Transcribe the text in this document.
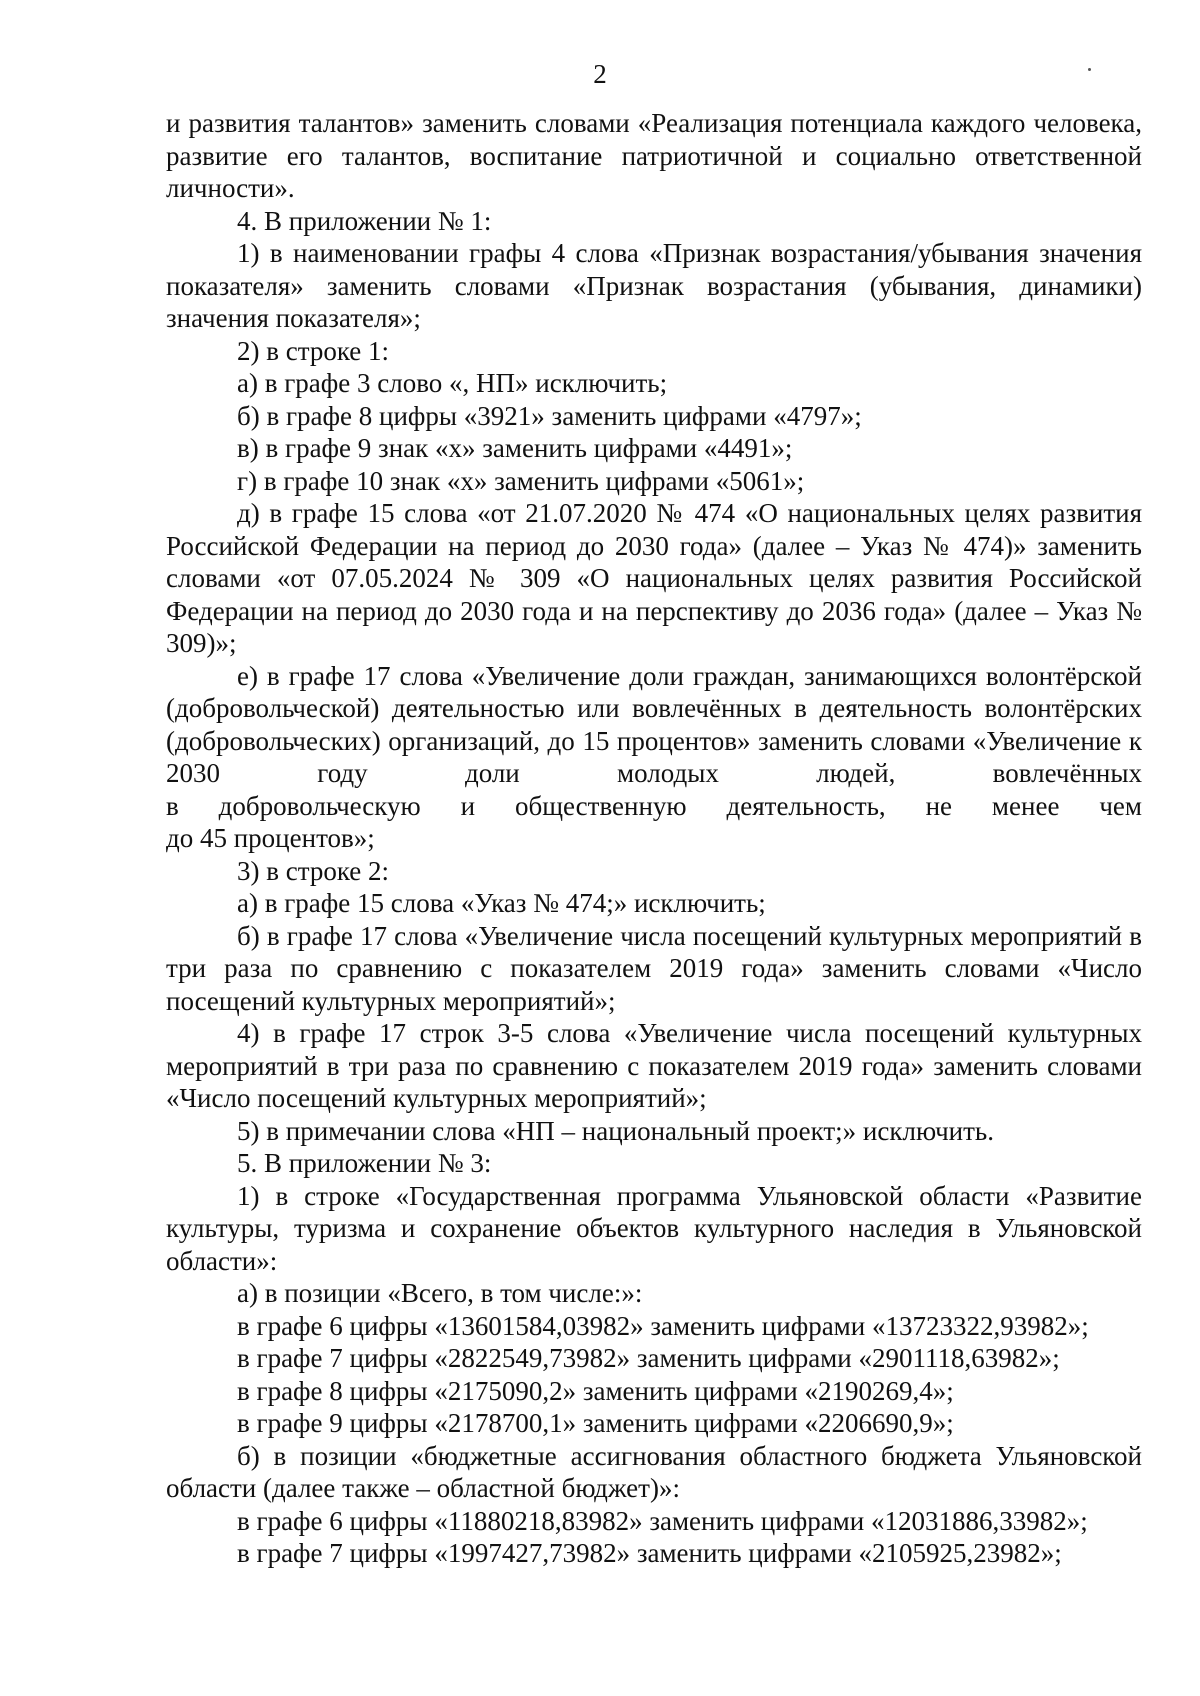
2

и развития талантов» заменить словами «Реализация потенциала каждого человека, развитие его талантов, воспитание патриотичной и социально ответственной личности».

4. В приложении № 1:

1) в наименовании графы 4 слова «Признак возрастания/убывания значения показателя» заменить словами «Признак возрастания (убывания, динамики) значения показателя»;

2) в строке 1:

а) в графе 3 слово «, НП» исключить;

б) в графе 8 цифры «3921» заменить цифрами «4797»;

в) в графе 9 знак «х» заменить цифрами «4491»;

г) в графе 10 знак «х» заменить цифрами «5061»;

д) в графе 15 слова «от 21.07.2020 № 474 «О национальных целях развития Российской Федерации на период до 2030 года» (далее – Указ № 474)» заменить словами «от 07.05.2024 № 309 «О национальных целях развития Российской Федерации на период до 2030 года и на перспективу до 2036 года» (далее – Указ № 309)»;

е) в графе 17 слова «Увеличение доли граждан, занимающихся волонтёрской (добровольческой) деятельностью или вовлечённых в деятельность волонтёрских (добровольческих) организаций, до 15 процентов» заменить словами «Увеличение к 2030 году доли молодых людей, вовлечённых

в добровольческую и общественную деятельность, не менее чем

до 45 процентов»;

3) в строке 2:

а) в графе 15 слова «Указ № 474;» исключить;

б) в графе 17 слова «Увеличение числа посещений культурных мероприятий в три раза по сравнению с показателем 2019 года» заменить словами «Число посещений культурных мероприятий»;

4) в графе 17 строк 3-5 слова «Увеличение числа посещений культурных мероприятий в три раза по сравнению с показателем 2019 года» заменить словами «Число посещений культурных мероприятий»;

5) в примечании слова «НП – национальный проект;» исключить.

5. В приложении № 3:

1) в строке «Государственная программа Ульяновской области «Развитие культуры, туризма и сохранение объектов культурного наследия в Ульяновской области»:

а) в позиции «Всего, в том числе:»:

в графе 6 цифры «13601584,03982» заменить цифрами «13723322,93982»;

в графе 7 цифры «2822549,73982» заменить цифрами «2901118,63982»;

в графе 8 цифры «2175090,2» заменить цифрами «2190269,4»;

в графе 9 цифры «2178700,1» заменить цифрами «2206690,9»;

б) в позиции «бюджетные ассигнования областного бюджета Ульяновской области (далее также – областной бюджет)»:

в графе 6 цифры «11880218,83982» заменить цифрами «12031886,33982»;

в графе 7 цифры «1997427,73982» заменить цифрами «2105925,23982»;
